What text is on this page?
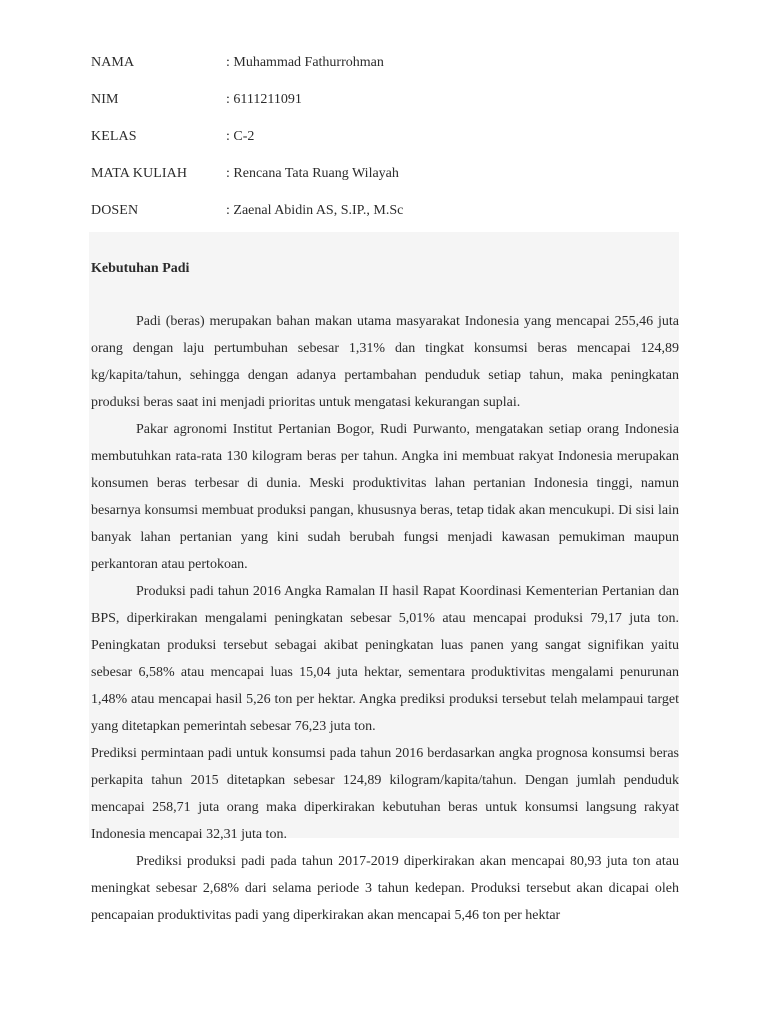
NAMA	: Muhammad Fathurrohman
NIM	: 6111211091
KELAS	: C-2
MATA KULIAH	: Rencana Tata Ruang Wilayah
DOSEN	: Zaenal Abidin AS, S.IP., M.Sc
Kebutuhan Padi

Padi (beras) merupakan bahan makan utama masyarakat Indonesia yang mencapai 255,46 juta orang dengan laju pertumbuhan sebesar 1,31% dan tingkat konsumsi beras mencapai 124,89 kg/kapita/tahun, sehingga dengan adanya pertambahan penduduk setiap tahun, maka peningkatan produksi beras saat ini menjadi prioritas untuk mengatasi kekurangan suplai.

Pakar agronomi Institut Pertanian Bogor, Rudi Purwanto, mengatakan setiap orang Indonesia membutuhkan rata-rata 130 kilogram beras per tahun. Angka ini membuat rakyat Indonesia merupakan konsumen beras terbesar di dunia. Meski produktivitas lahan pertanian Indonesia tinggi, namun besarnya konsumsi membuat produksi pangan, khususnya beras, tetap tidak akan mencukupi. Di sisi lain banyak lahan pertanian yang kini sudah berubah fungsi menjadi kawasan pemukiman maupun perkantoran atau pertokoan.

Produksi padi tahun 2016 Angka Ramalan II hasil Rapat Koordinasi Kementerian Pertanian dan BPS, diperkirakan mengalami peningkatan sebesar 5,01% atau mencapai produksi 79,17 juta ton. Peningkatan produksi tersebut sebagai akibat peningkatan luas panen yang sangat signifikan yaitu sebesar 6,58% atau mencapai luas 15,04 juta hektar, sementara produktivitas mengalami penurunan 1,48% atau mencapai hasil 5,26 ton per hektar. Angka prediksi produksi tersebut telah melampaui target yang ditetapkan pemerintah sebesar 76,23 juta ton.

Prediksi permintaan padi untuk konsumsi pada tahun 2016 berdasarkan angka prognosa konsumsi beras perkapita tahun 2015 ditetapkan sebesar 124,89 kilogram/kapita/tahun. Dengan jumlah penduduk mencapai 258,71 juta orang maka diperkirakan kebutuhan beras untuk konsumsi langsung rakyat Indonesia mencapai 32,31 juta ton.

Prediksi produksi padi pada tahun 2017-2019 diperkirakan akan mencapai 80,93 juta ton atau meningkat sebesar 2,68% dari selama periode 3 tahun kedepan. Produksi tersebut akan dicapai oleh pencapaian produktivitas padi yang diperkirakan akan mencapai 5,46 ton per hektar
